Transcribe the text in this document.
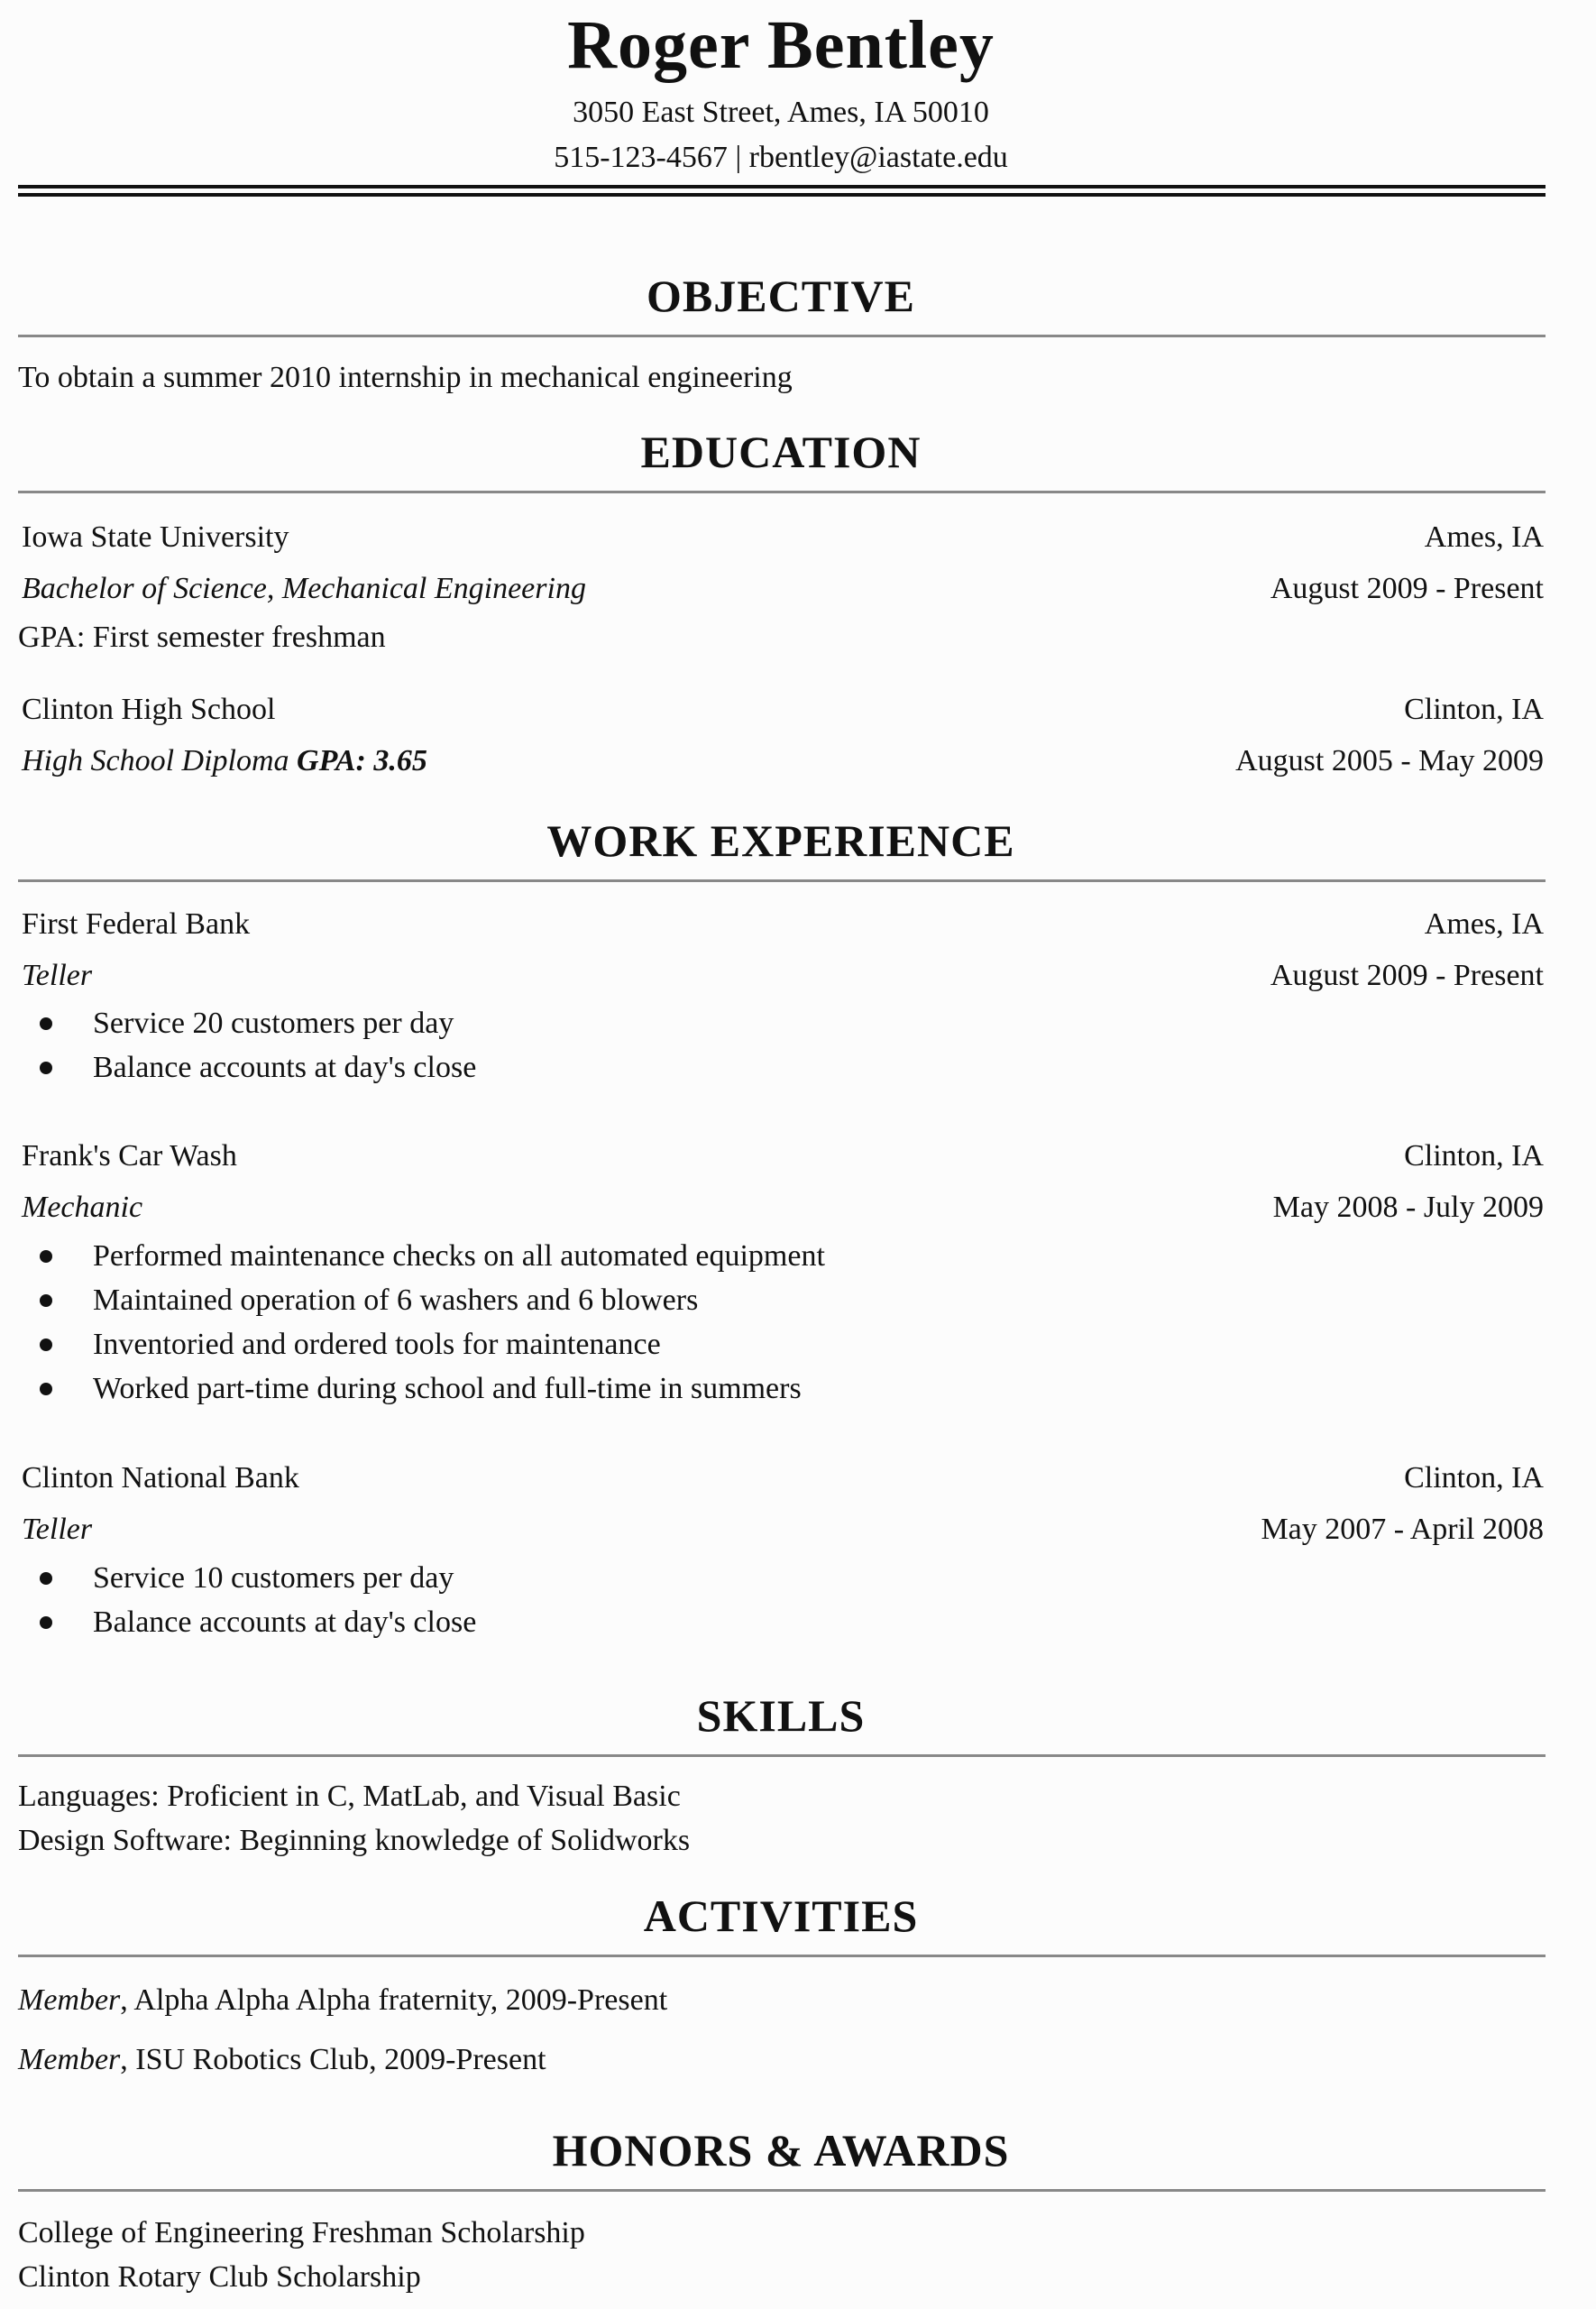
Roger Bentley
3050 East Street, Ames, IA 50010
515-123-4567 | rbentley@iastate.edu
OBJECTIVE
To obtain a summer 2010 internship in mechanical engineering
EDUCATION
Iowa State University	Ames, IA
Bachelor of Science, Mechanical Engineering	August 2009 - Present
GPA: First semester freshman
Clinton High School	Clinton, IA
High School Diploma GPA: 3.65	August 2005 - May 2009
WORK EXPERIENCE
First Federal Bank	Ames, IA
Teller	August 2009 - Present
Service 20 customers per day
Balance accounts at day's close
Frank's Car Wash	Clinton, IA
Mechanic	May 2008 - July 2009
Performed maintenance checks on all automated equipment
Maintained operation of 6 washers and 6 blowers
Inventoried and ordered tools for maintenance
Worked part-time during school and full-time in summers
Clinton National Bank	Clinton, IA
Teller	May 2007 - April 2008
Service 10 customers per day
Balance accounts at day's close
SKILLS
Languages: Proficient in C, MatLab, and Visual Basic
Design Software: Beginning knowledge of Solidworks
ACTIVITIES
Member, Alpha Alpha Alpha fraternity, 2009-Present
Member, ISU Robotics Club, 2009-Present
HONORS & AWARDS
College of Engineering Freshman Scholarship
Clinton Rotary Club Scholarship
